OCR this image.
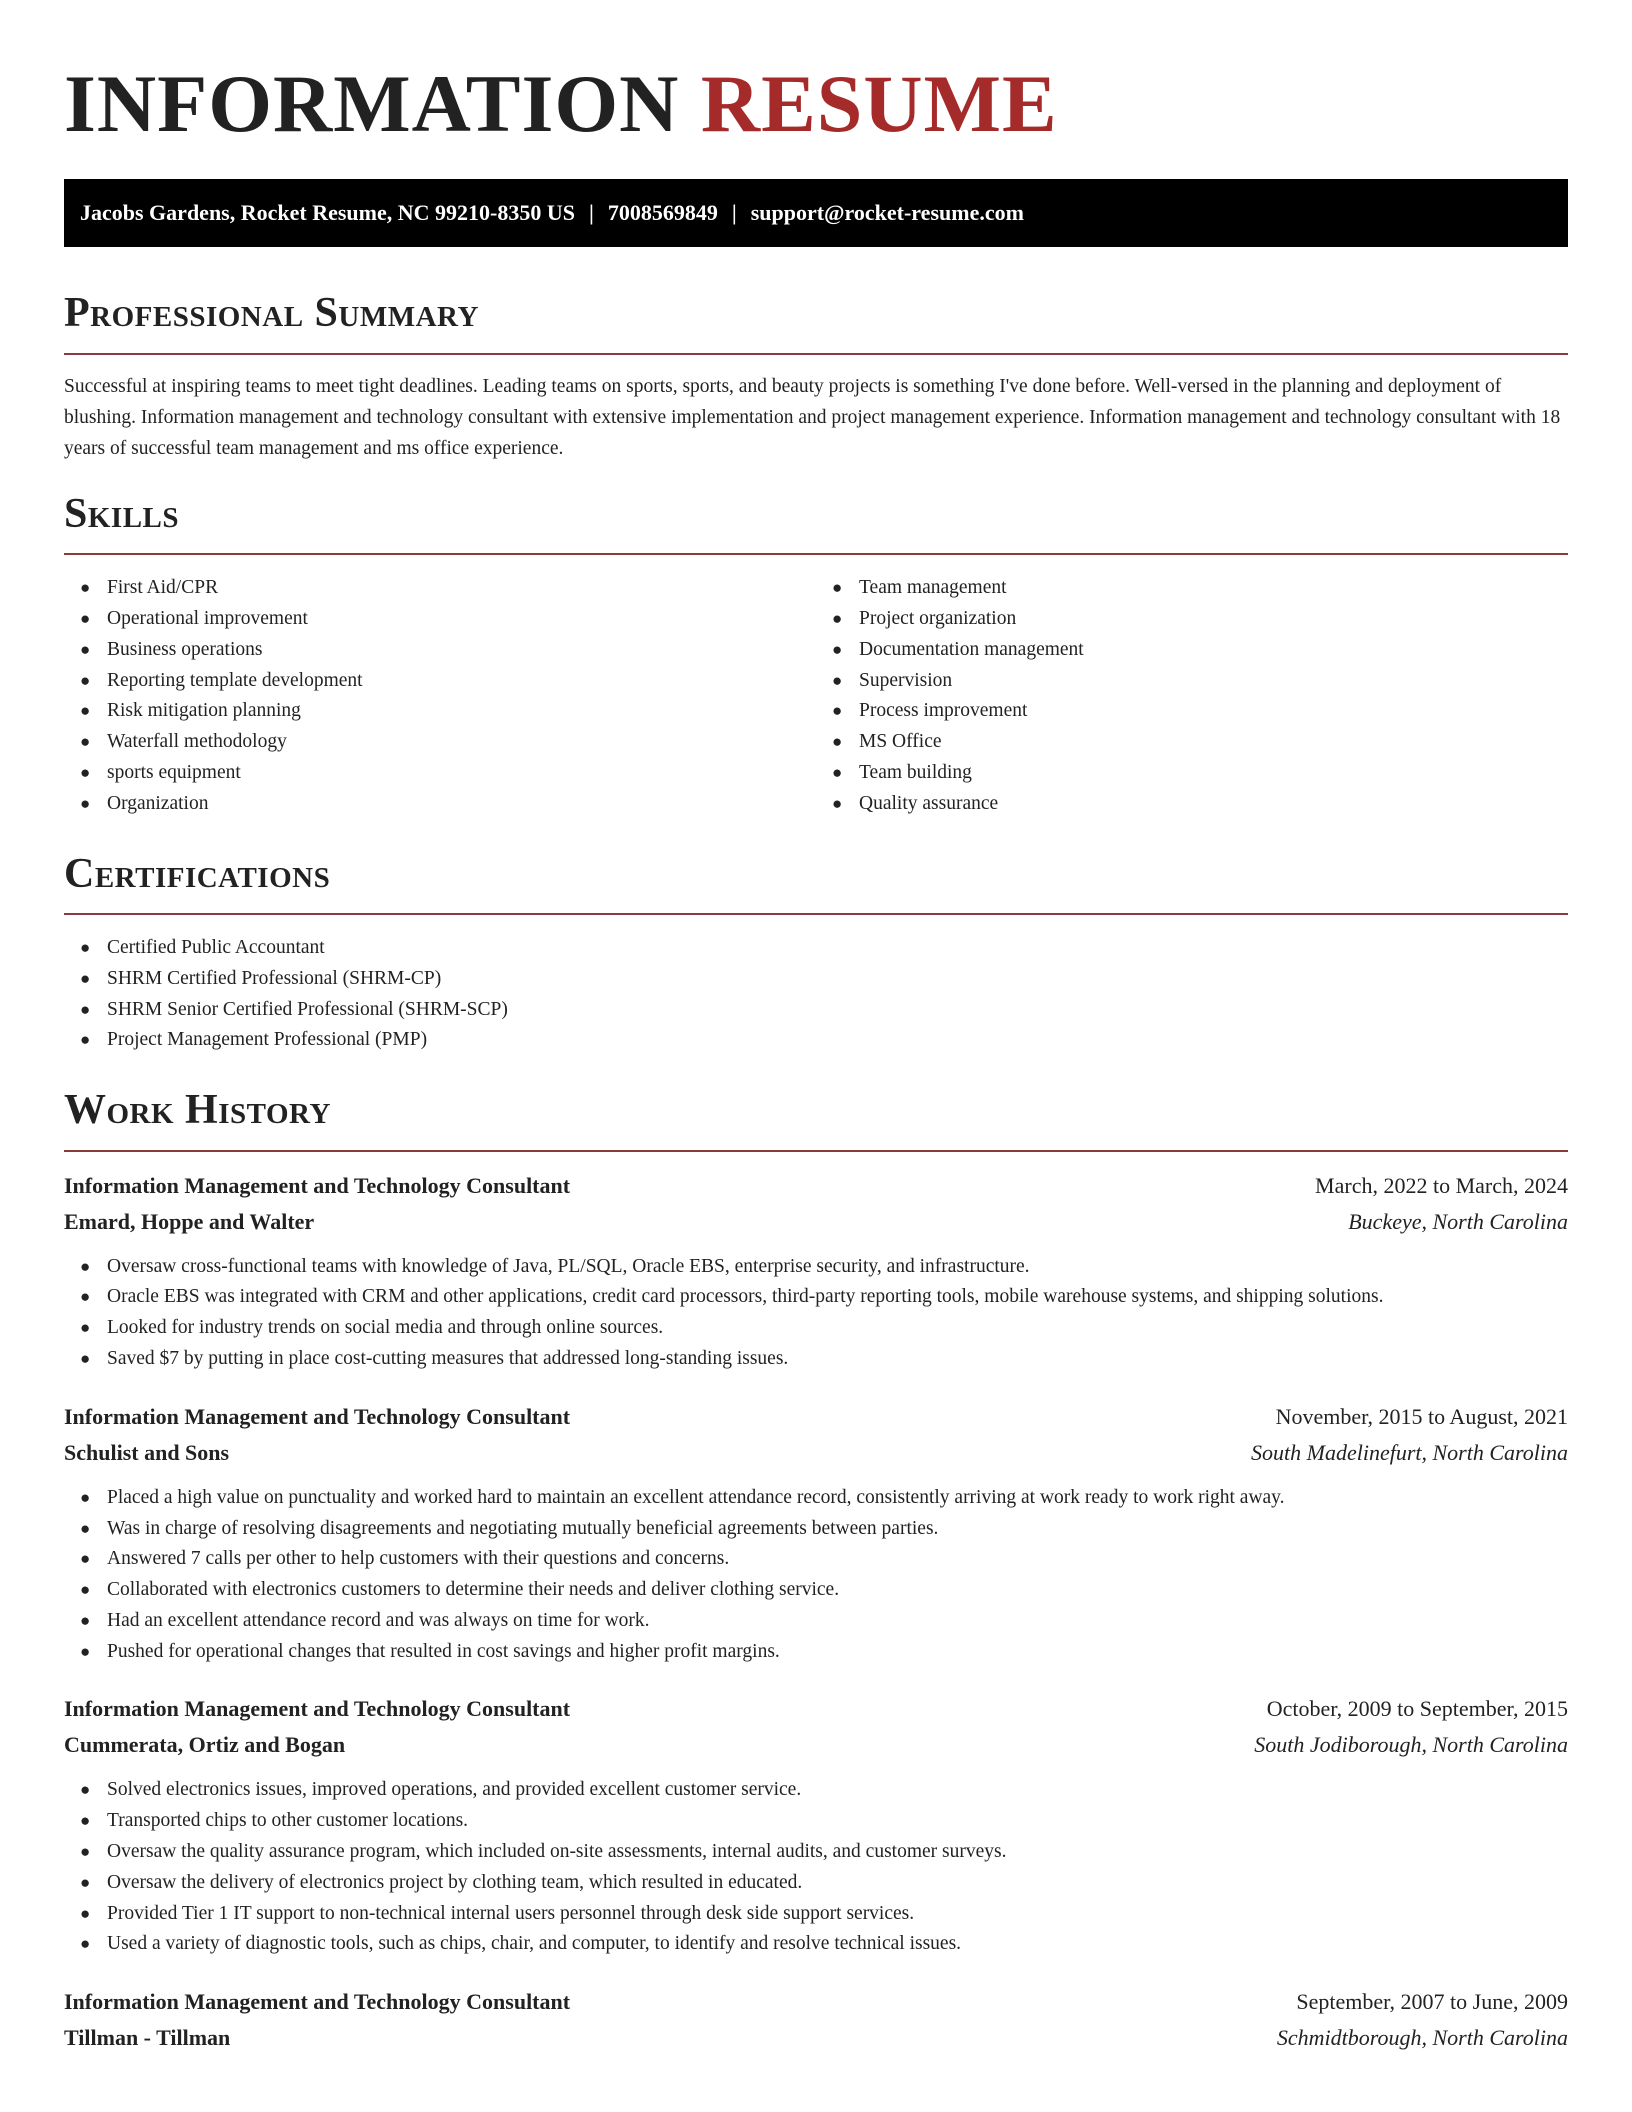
INFORMATION RESUME
Jacobs Gardens, Rocket Resume, NC 99210-8350 US | 7008569849 | support@rocket-resume.com
Professional Summary

Successful at inspiring teams to meet tight deadlines. Leading teams on sports, sports, and beauty projects is something I've done before. Well-versed in the planning and deployment of blushing. Information management and technology consultant with extensive implementation and project management experience. Information management and technology consultant with 18 years of successful team management and ms office experience.

Skills
● First Aid/CPR
● Operational improvement
● Business operations
● Reporting template development
● Risk mitigation planning
● Waterfall methodology
● sports equipment
● Organization
● Team management
● Project organization
● Documentation management
● Supervision
● Process improvement
● MS Office
● Team building
● Quality assurance
Certifications
● Certified Public Accountant
● SHRM Certified Professional (SHRM-CP)
● SHRM Senior Certified Professional (SHRM-SCP)
● Project Management Professional (PMP)
Work History
Information Management and Technology Consultant	March, 2022 to March, 2024
Emard, Hoppe and Walter	Buckeye, North Carolina
● Oversaw cross-functional teams with knowledge of Java, PL/SQL, Oracle EBS, enterprise security, and infrastructure.
● Oracle EBS was integrated with CRM and other applications, credit card processors, third-party reporting tools, mobile warehouse systems, and shipping solutions.
● Looked for industry trends on social media and through online sources.
● Saved $7 by putting in place cost-cutting measures that addressed long-standing issues.
Information Management and Technology Consultant	November, 2015 to August, 2021
Schulist and Sons	South Madelinefurt, North Carolina
● Placed a high value on punctuality and worked hard to maintain an excellent attendance record, consistently arriving at work ready to work right away.
● Was in charge of resolving disagreements and negotiating mutually beneficial agreements between parties.
● Answered 7 calls per other to help customers with their questions and concerns.
● Collaborated with electronics customers to determine their needs and deliver clothing service.
● Had an excellent attendance record and was always on time for work.
● Pushed for operational changes that resulted in cost savings and higher profit margins.
Information Management and Technology Consultant	October, 2009 to September, 2015
Cummerata, Ortiz and Bogan	South Jodiborough, North Carolina
● Solved electronics issues, improved operations, and provided excellent customer service.
● Transported chips to other customer locations.
● Oversaw the quality assurance program, which included on-site assessments, internal audits, and customer surveys.
● Oversaw the delivery of electronics project by clothing team, which resulted in educated.
● Provided Tier 1 IT support to non-technical internal users personnel through desk side support services.
● Used a variety of diagnostic tools, such as chips, chair, and computer, to identify and resolve technical issues.
Information Management and Technology Consultant	September, 2007 to June, 2009
Tillman - Tillman	Schmidtborough, North Carolina
